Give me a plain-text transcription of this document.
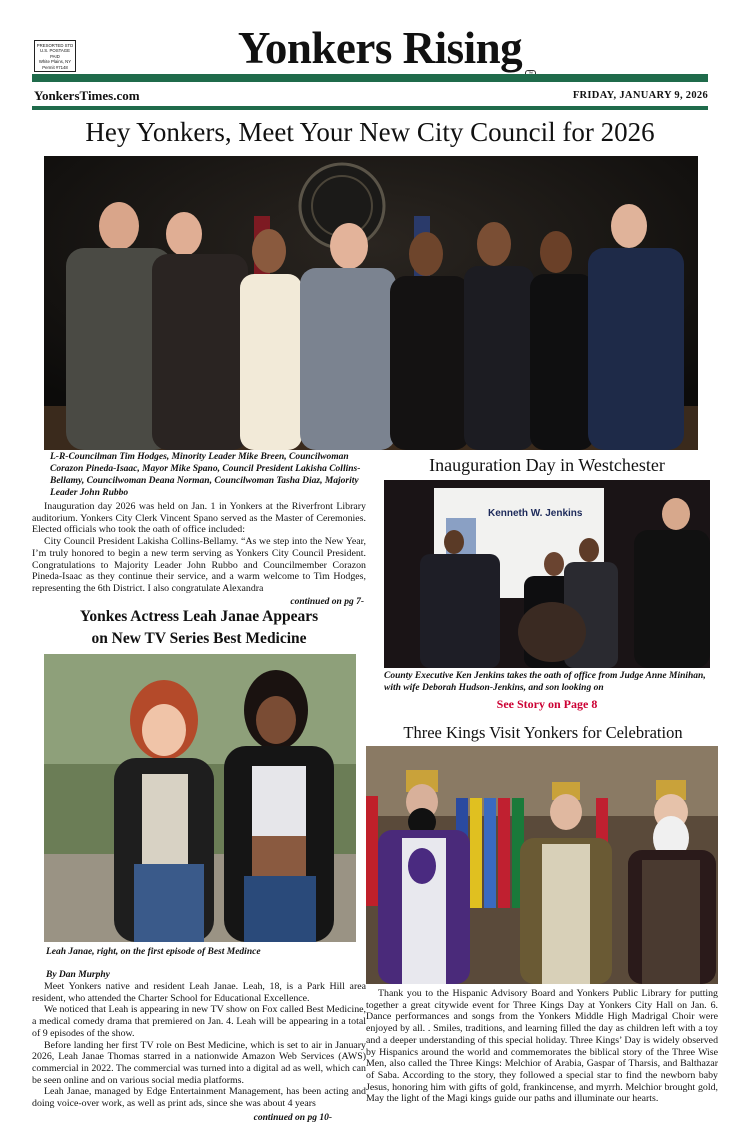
PRESORTED STD
U.S. POSTAGE
PAID
White Plains, NY
Permit #7148	Yonkers Rising
YonkersTimes.com	FRIDAY, JANUARY 9, 2026
Hey Yonkers, Meet Your New City Council for 2026
L-R-Councilman Tim Hodges, Minority Leader Mike Breen, Councilwoman Corazon Pineda-Isaac, Mayor Mike Spano, Council President Lakisha Collins-Bellamy, Councilwoman Deana Norman, Councilwoman Tasha Diaz, Majority Leader John Rubbo

Inauguration day 2026 was held on Jan. 1 in Yonkers at the Riverfront Library auditorium. Yonkers City Clerk Vincent Spano served as the Master of Ceremonies. Elected officials who took the oath of office included:

City Council President Lakisha Collins-Bellamy. “As we step into the New Year, I’m truly honored to begin a new term serving as Yonkers City Council President. Congratulations to Majority Leader John Rubbo and Councilmember Corazon Pineda-Isaac as they continue their service, and a warm welcome to Tim Hodges, representing the 6th District. I also congratulate Alexandra

continued on pg 7-
Inauguration Day in Westchester
Kenneth W. Jenkins
County Executive Ken Jenkins takes the oath of office from Judge Anne Minihan, with wife Deborah Hudson-Jenkins, and son looking on
See Story on Page 8
Yonkes Actress Leah Janae Appears
on New TV Series Best Medicine
Leah Janae, right, on the first episode of Best Medince
By Dan Murphy

Meet Yonkers native and resident Leah Janae. Leah, 18, is a Park Hill area resident, who attended the Charter School for Educational Excellence.

We noticed that Leah is appearing in new TV show on Fox called Best Medicine, a medical comedy drama that premiered on Jan. 4. Leah will be appearing in a total of 9 episodes of the show.

Before landing her first TV role on Best Medicine, which is set to air in January 2026, Leah Janae Thomas starred in a nationwide Amazon Web Services (AWS) commercial in 2022. The commercial was turned into a digital ad as well, which can be seen online and on various social media platforms.

Leah Janae, managed by Edge Entertainment Management, has been acting and doing voice-over work, as well as print ads, since she was about 4 years

continued on pg 10-
Three Kings Visit Yonkers for Celebration

Thank you to the Hispanic Advisory Board and Yonkers Public Library for putting together a great citywide event for Three Kings Day at Yonkers City Hall on Jan. 6. Dance performances and songs from the Yonkers Middle High Madrigal Choir were enjoyed by all. . Smiles, traditions, and learning filled the day as children left with a toy and a deeper understanding of this special holiday. Three Kings’ Day is widely observed by Hispanics around the world and commemorates the biblical story of the Three Wise Men, also called the Three Kings: Melchior of Arabia, Gaspar of Tharsis, and Balthazar of Saba. According to the story, they followed a special star to find the newborn baby Jesus, honoring him with gifts of gold, frankincense, and myrrh. Melchior brought gold, May the light of the Magi kings guide our paths and illuminate our hearts.
